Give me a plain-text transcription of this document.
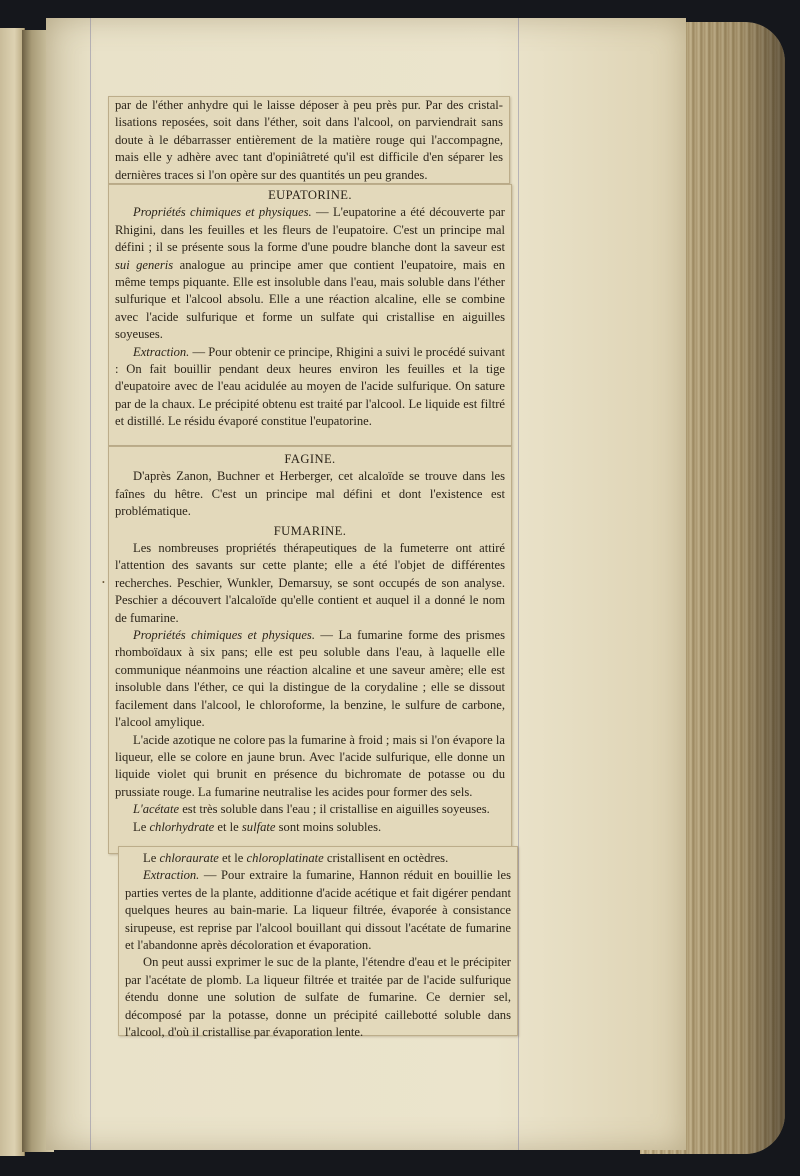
par de l'éther anhydre qui le laisse déposer à peu près pur. Par des cristal-

lisations reposées, soit dans l'éther, soit dans l'alcool, on parviendrait sans

doute à le débarrasser entièrement de la matière rouge qui l'accompagne,

mais elle y adhère avec tant d'opiniâtreté qu'il est difficile d'en séparer les

dernières traces si l'on opère sur des quantités un peu grandes.

EUPATORINE.

Propriétés chimiques et physiques. — L'eupatorine a été découverte par Rhigini, dans les feuilles et les fleurs de l'eupatoire. C'est un principe mal défini ; il se présente sous la forme d'une poudre blanche dont la saveur est sui generis analogue au principe amer que contient l'eupatoire, mais en même temps piquante. Elle est insoluble dans l'eau, mais soluble dans l'éther sulfurique et l'alcool absolu. Elle a une réaction alcaline, elle se combine avec l'acide sulfurique et forme un sulfate qui cristallise en aiguilles soyeuses.

Extraction. — Pour obtenir ce principe, Rhigini a suivi le procédé suivant : On fait bouillir pendant deux heures environ les feuilles et la tige d'eupatoire avec de l'eau acidulée au moyen de l'acide sulfurique. On sature par de la chaux. Le précipité obtenu est traité par l'alcool. Le liquide est filtré et distillé. Le résidu évaporé constitue l'eupatorine.

FAGINE.

D'après Zanon, Buchner et Herberger, cet alcaloïde se trouve dans les faînes du hêtre. C'est un principe mal défini et dont l'existence est problématique.

FUMARINE.

Les nombreuses propriétés thérapeutiques de la fumeterre ont attiré l'attention des savants sur cette plante; elle a été l'objet de différentes recherches. Peschier, Wunkler, Demarsuy, se sont occupés de son analyse. Peschier a découvert l'alcaloïde qu'elle contient et auquel il a donné le nom de fumarine.

Propriétés chimiques et physiques. — La fumarine forme des prismes rhomboïdaux à six pans; elle est peu soluble dans l'eau, à laquelle elle communique néanmoins une réaction alcaline et une saveur amère; elle est insoluble dans l'éther, ce qui la distingue de la corydaline ; elle se dissout facilement dans l'alcool, le chloroforme, la benzine, le sulfure de carbone, l'alcool amylique.

L'acide azotique ne colore pas la fumarine à froid ; mais si l'on évapore la liqueur, elle se colore en jaune brun. Avec l'acide sulfurique, elle donne un liquide violet qui brunit en présence du bichromate de potasse ou du prussiate rouge. La fumarine neutralise les acides pour former des sels.

L'acétate est très soluble dans l'eau ; il cristallise en aiguilles soyeuses.

Le chlorhydrate et le sulfate sont moins solubles.

Le chloraurate et le chloroplatinate cristallisent en octèdres.

Extraction. — Pour extraire la fumarine, Hannon réduit en bouillie les parties vertes de la plante, additionne d'acide acétique et fait digérer pendant quelques heures au bain-marie. La liqueur filtrée, évaporée à consistance sirupeuse, est reprise par l'alcool bouillant qui dissout l'acétate de fumarine et l'abandonne après décoloration et évaporation.

On peut aussi exprimer le suc de la plante, l'étendre d'eau et le précipiter par l'acétate de plomb. La liqueur filtrée et traitée par de l'acide sulfurique étendu donne une solution de sulfate de fumarine. Ce dernier sel, décomposé par la potasse, donne un précipité caillebotté soluble dans l'alcool, d'où il cristallise par évaporation lente.

•
